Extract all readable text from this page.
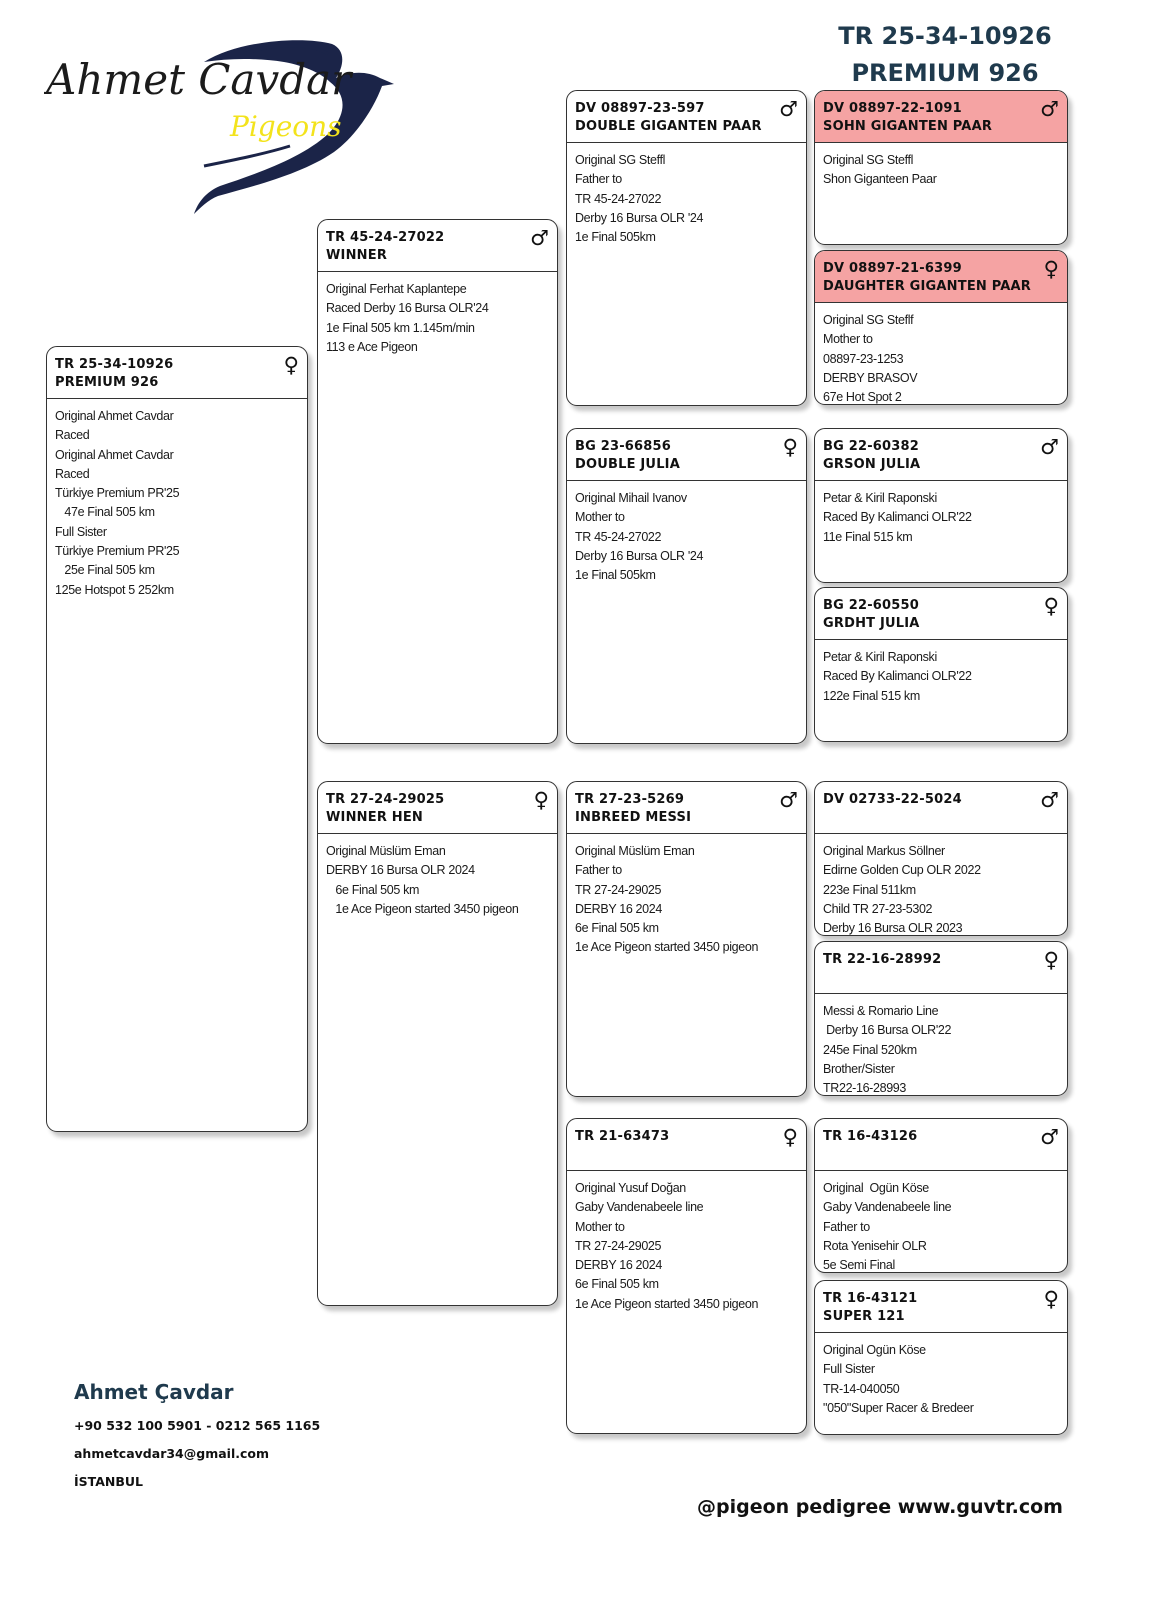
TR 25-34-10926
PREMIUM 926
Ahmet Cavdar
Pigeons
TR 25-34-10926
PREMIUM 926
♀
Original Ahmet Cavdar
Raced
Original Ahmet Cavdar
Raced
Türkiye Premium PR'25
47e Final 505 km
Full Sister
Türkiye Premium PR'25
25e Final 505 km
125e Hotspot 5 252km
TR 45-24-27022
WINNER
♂
Original Ferhat Kaplantepe
Raced Derby 16 Bursa OLR'24
1e Final 505 km 1.145m/min
113 e Ace Pigeon
TR 27-24-29025
WINNER HEN
♀
Original Müslüm Eman
DERBY 16 Bursa OLR 2024
6e Final 505 km
1e Ace Pigeon started 3450 pigeon
DV 08897-23-597
DOUBLE GIGANTEN PAAR
♂
Original SG Steffl
Father to
TR 45-24-27022
Derby 16 Bursa OLR '24
1e Final 505km
BG 23-66856
DOUBLE JULIA
♀
Original Mihail Ivanov
Mother to
TR 45-24-27022
Derby 16 Bursa OLR '24
1e Final 505km
TR 27-23-5269
INBREED MESSI
♂
Original Müslüm Eman
Father to
TR 27-24-29025
DERBY 16 2024
6e Final 505 km
1e Ace Pigeon started 3450 pigeon
TR 21-63473	♀
Original Yusuf Doğan
Gaby Vandenabeele line
Mother to
TR 27-24-29025
DERBY 16 2024
6e Final 505 km
1e Ace Pigeon started 3450 pigeon
DV 08897-22-1091
SOHN GIGANTEN PAAR
♂
Original SG Steffl
Shon Giganteen Paar
DV 08897-21-6399
DAUGHTER GIGANTEN PAAR
♀
Original SG Steflf
Mother to
08897-23-1253
DERBY BRASOV
67e Hot Spot 2
BG 22-60382
GRSON JULIA
♂
Petar & Kiril Raponski
Raced By Kalimanci OLR'22
11e Final 515 km
BG 22-60550
GRDHT JULIA
♀
Petar & Kiril Raponski
Raced By Kalimanci OLR'22
122e Final 515 km
DV 02733-22-5024	♂
Original Markus Söllner
Edirne Golden Cup OLR 2022
223e Final 511km
Child TR 27-23-5302
Derby 16 Bursa OLR 2023
TR 22-16-28992	♀
Messi & Romario Line
Derby 16 Bursa OLR'22
245e Final 520km
Brother/Sister
TR22-16-28993
TR 16-43126	♂
Original  Ogün Köse
Gaby Vandenabeele line
Father to
Rota Yenisehir OLR
5e Semi Final
TR 16-43121
SUPER 121
♀
Original Ogün Köse
Full Sister
TR-14-040050
"050"Super Racer & Bredeer
Ahmet Çavdar
+90 532 100 5901 - 0212 565 1165
ahmetcavdar34@gmail.com
İSTANBUL
@pigeon pedigree www.guvtr.com
